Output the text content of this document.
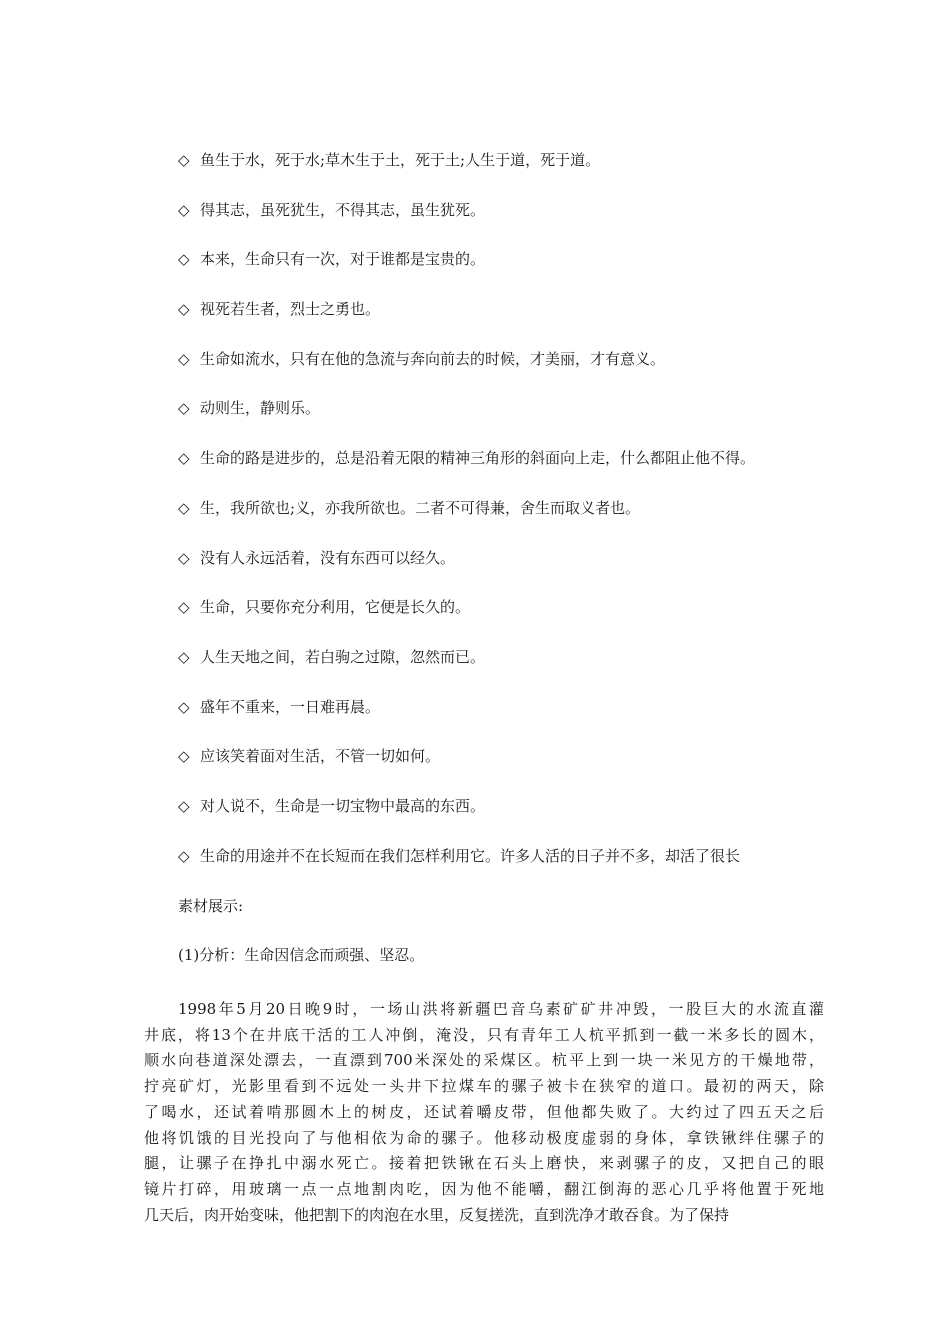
◇ 鱼生于水，死于水;草木生于土，死于土;人生于道，死于道。
◇ 得其志，虽死犹生，不得其志，虽生犹死。
◇ 本来，生命只有一次，对于谁都是宝贵的。
◇ 视死若生者，烈士之勇也。
◇ 生命如流水，只有在他的急流与奔向前去的时候，才美丽，才有意义。
◇ 动则生，静则乐。
◇ 生命的路是进步的，总是沿着无限的精神三角形的斜面向上走，什么都阻止他不得。
◇ 生，我所欲也;义，亦我所欲也。二者不可得兼，舍生而取义者也。
◇ 没有人永远活着，没有东西可以经久。
◇ 生命，只要你充分利用，它便是长久的。
◇ 人生天地之间，若白驹之过隙，忽然而已。
◇ 盛年不重来，一日难再晨。
◇ 应该笑着面对生活，不管一切如何。
◇ 对人说不，生命是一切宝物中最高的东西。
◇ 生命的用途并不在长短而在我们怎样利用它。许多人活的日子并不多，却活了很长
素材展示:
(1)分析：生命因信念而顽强、坚忍。
1998年5月20日晚9时，一场山洪将新疆巴音乌素矿矿井冲毁，一股巨大的水流直灌
井底，将13个在井底干活的工人冲倒，淹没，只有青年工人杭平抓到一截一米多长的圆木，
顺水向巷道深处漂去，一直漂到700米深处的采煤区。杭平上到一块一米见方的干燥地带，
拧亮矿灯，光影里看到不远处一头井下拉煤车的骡子被卡在狭窄的道口。最初的两天，除
了喝水，还试着啃那圆木上的树皮，还试着嚼皮带，但他都失败了。大约过了四五天之后
他将饥饿的目光投向了与他相依为命的骡子。他移动极度虚弱的身体，拿铁锹绊住骡子的
腿，让骡子在挣扎中溺水死亡。接着把铁锹在石头上磨快，来剥骡子的皮，又把自己的眼
镜片打碎，用玻璃一点一点地割肉吃，因为他不能嚼，翻江倒海的恶心几乎将他置于死地
几天后，肉开始变味，他把割下的肉泡在水里，反复搓洗，直到洗净才敢吞食。为了保持
